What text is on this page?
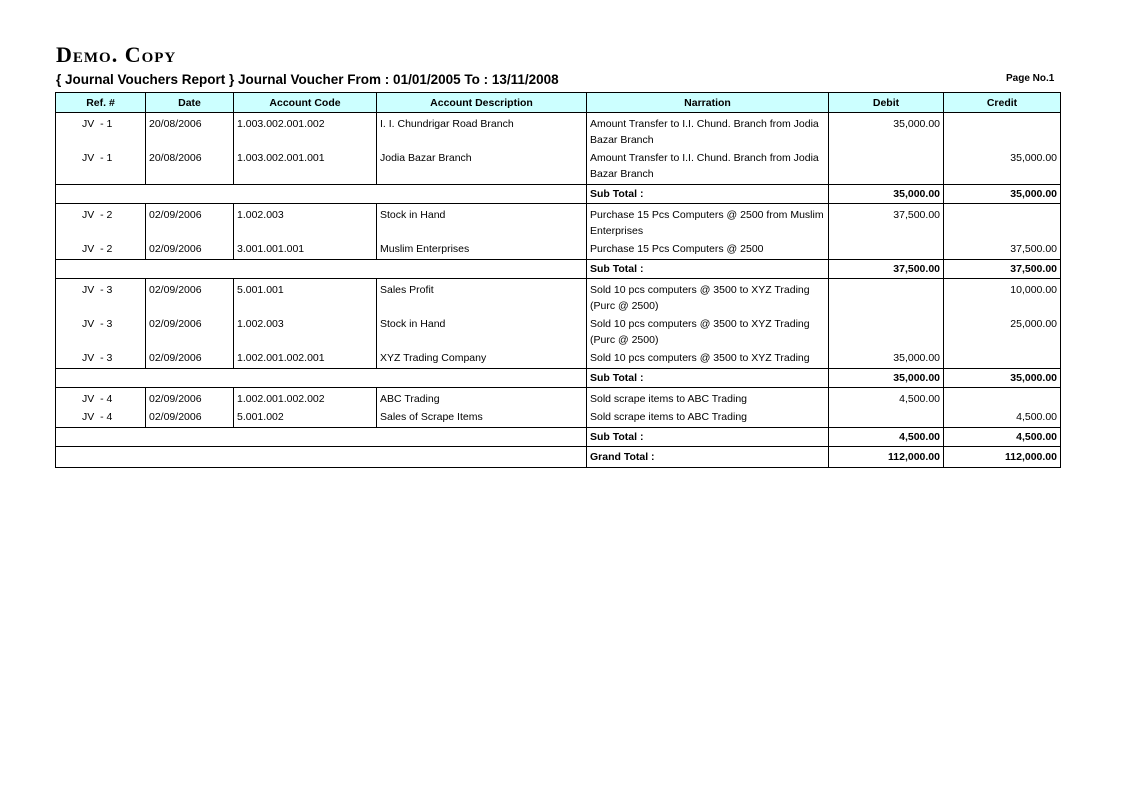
Demo. Copy
{ Journal Vouchers Report } Journal Voucher From : 01/01/2005 To : 13/11/2008	Page No.1
Ref. #	Date	Account Code	Account Description	Narration	Debit	Credit
JV  - 1	20/08/2006	1.003.002.001.002	I. I. Chundrigar Road Branch	Amount Transfer to I.I. Chund. Branch from Jodia Bazar Branch	35,000.00	
JV  - 1	20/08/2006	1.003.002.001.001	Jodia Bazar Branch	Amount Transfer to I.I. Chund. Branch from Jodia Bazar Branch		35,000.00
				Sub Total :	35,000.00	35,000.00
JV  - 2	02/09/2006	1.002.003	Stock in Hand	Purchase 15 Pcs Computers @ 2500 from Muslim Enterprises	37,500.00	
JV  - 2	02/09/2006	3.001.001.001	Muslim Enterprises	Purchase 15 Pcs Computers @ 2500		37,500.00
				Sub Total :	37,500.00	37,500.00
JV  - 3	02/09/2006	5.001.001	Sales Profit	Sold 10 pcs computers @ 3500 to XYZ Trading (Purc @ 2500)		10,000.00
JV  - 3	02/09/2006	1.002.003	Stock in Hand	Sold 10 pcs computers @ 3500 to XYZ Trading (Purc @ 2500)		25,000.00
JV  - 3	02/09/2006	1.002.001.002.001	XYZ Trading Company	Sold 10 pcs computers @ 3500 to XYZ Trading	35,000.00	
				Sub Total :	35,000.00	35,000.00
JV  - 4	02/09/2006	1.002.001.002.002	ABC Trading	Sold scrape items to ABC Trading	4,500.00	
JV  - 4	02/09/2006	5.001.002	Sales of Scrape Items	Sold scrape items to ABC Trading		4,500.00
				Sub Total :	4,500.00	4,500.00
				Grand Total :	112,000.00	112,000.00
